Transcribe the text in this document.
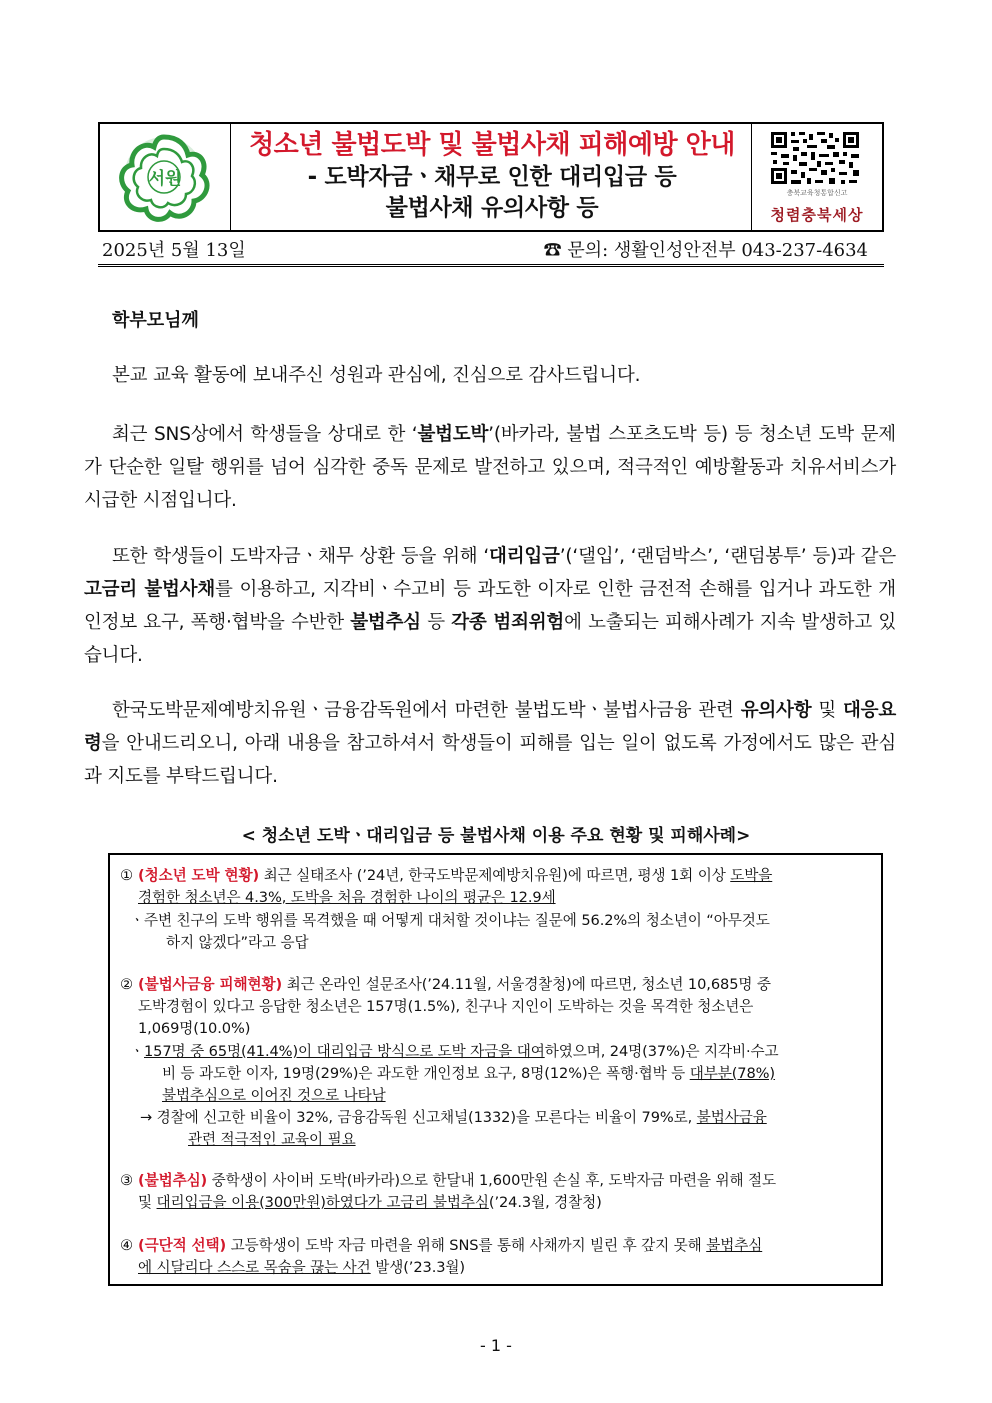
서원
청소년 불법도박 및 불법사채 피해예방 안내
- 도박자금ㆍ채무로 인한 대리입금 등
불법사채 유의사항 등
충북교육청통합신고
청렴충북세상
2025년 5월 13일	☎ 문의: 생활인성안전부 043-237-4634
학부모님께

본교 교육 활동에 보내주신 성원과 관심에, 진심으로 감사드립니다.

최근 SNS상에서 학생들을 상대로 한 ‘불법도박’(바카라, 불법 스포츠도박 등) 등 청소년 도박 문제가 단순한 일탈 행위를 넘어 심각한 중독 문제로 발전하고 있으며, 적극적인 예방활동과 치유서비스가 시급한 시점입니다.

또한 학생들이 도박자금ㆍ채무 상환 등을 위해 ‘대리입금’(‘댈입’, ‘랜덤박스’, ‘랜덤봉투’ 등)과 같은 고금리 불법사채를 이용하고, 지각비ㆍ수고비 등 과도한 이자로 인한 금전적 손해를 입거나 과도한 개인정보 요구, 폭행·협박을 수반한 불법추심 등 각종 범죄위험에 노출되는 피해사례가 지속 발생하고 있습니다.

한국도박문제예방치유원ㆍ금융감독원에서 마련한 불법도박ㆍ불법사금융 관련 유의사항 및 대응요령을 안내드리오니, 아래 내용을 참고하셔서 학생들이 피해를 입는 일이 없도록 가정에서도 많은 관심과 지도를 부탁드립니다.

< 청소년 도박ㆍ대리입금 등 불법사채 이용 주요 현황 및 피해사례>
① (청소년 도박 현황) 최근 실태조사 (’24년, 한국도박문제예방치유원)에 따르면, 평생 1회 이상 도박을
경험한 청소년은 4.3%, 도박을 처음 경험한 나이의 평균은 12.9세
ㆍ주변 친구의 도박 행위를 목격했을 때 어떻게 대처할 것이냐는 질문에 56.2%의 청소년이 “아무것도
하지 않겠다”라고 응답
② (불법사금융 피해현황) 최근 온라인 설문조사(’24.11월, 서울경찰청)에 따르면, 청소년 10,685명 중
도박경험이 있다고 응답한 청소년은 157명(1.5%), 친구나 지인이 도박하는 것을 목격한 청소년은
1,069명(10.0%)
ㆍ157명 중 65명(41.4%)이 대리입금 방식으로 도박 자금을 대여하였으며, 24명(37%)은 지각비·수고
비 등 과도한 이자, 19명(29%)은 과도한 개인정보 요구, 8명(12%)은 폭행·협박 등 대부분(78%)
불법추심으로 이어진 것으로 나타남
→ 경찰에 신고한 비율이 32%, 금융감독원 신고채널(1332)을 모른다는 비율이 79%로, 불법사금융
관련 적극적인 교육이 필요
③ (불법추심) 중학생이 사이버 도박(바카라)으로 한달내 1,600만원 손실 후, 도박자금 마련을 위해 절도
및 대리입금을 이용(300만원)하였다가 고금리 불법추심(’24.3월, 경찰청)
④ (극단적 선택) 고등학생이 도박 자금 마련을 위해 SNS를 통해 사채까지 빌린 후 갚지 못해 불법추심
에 시달리다 스스로 목숨을 끊는 사건 발생(’23.3월)
- 1 -
